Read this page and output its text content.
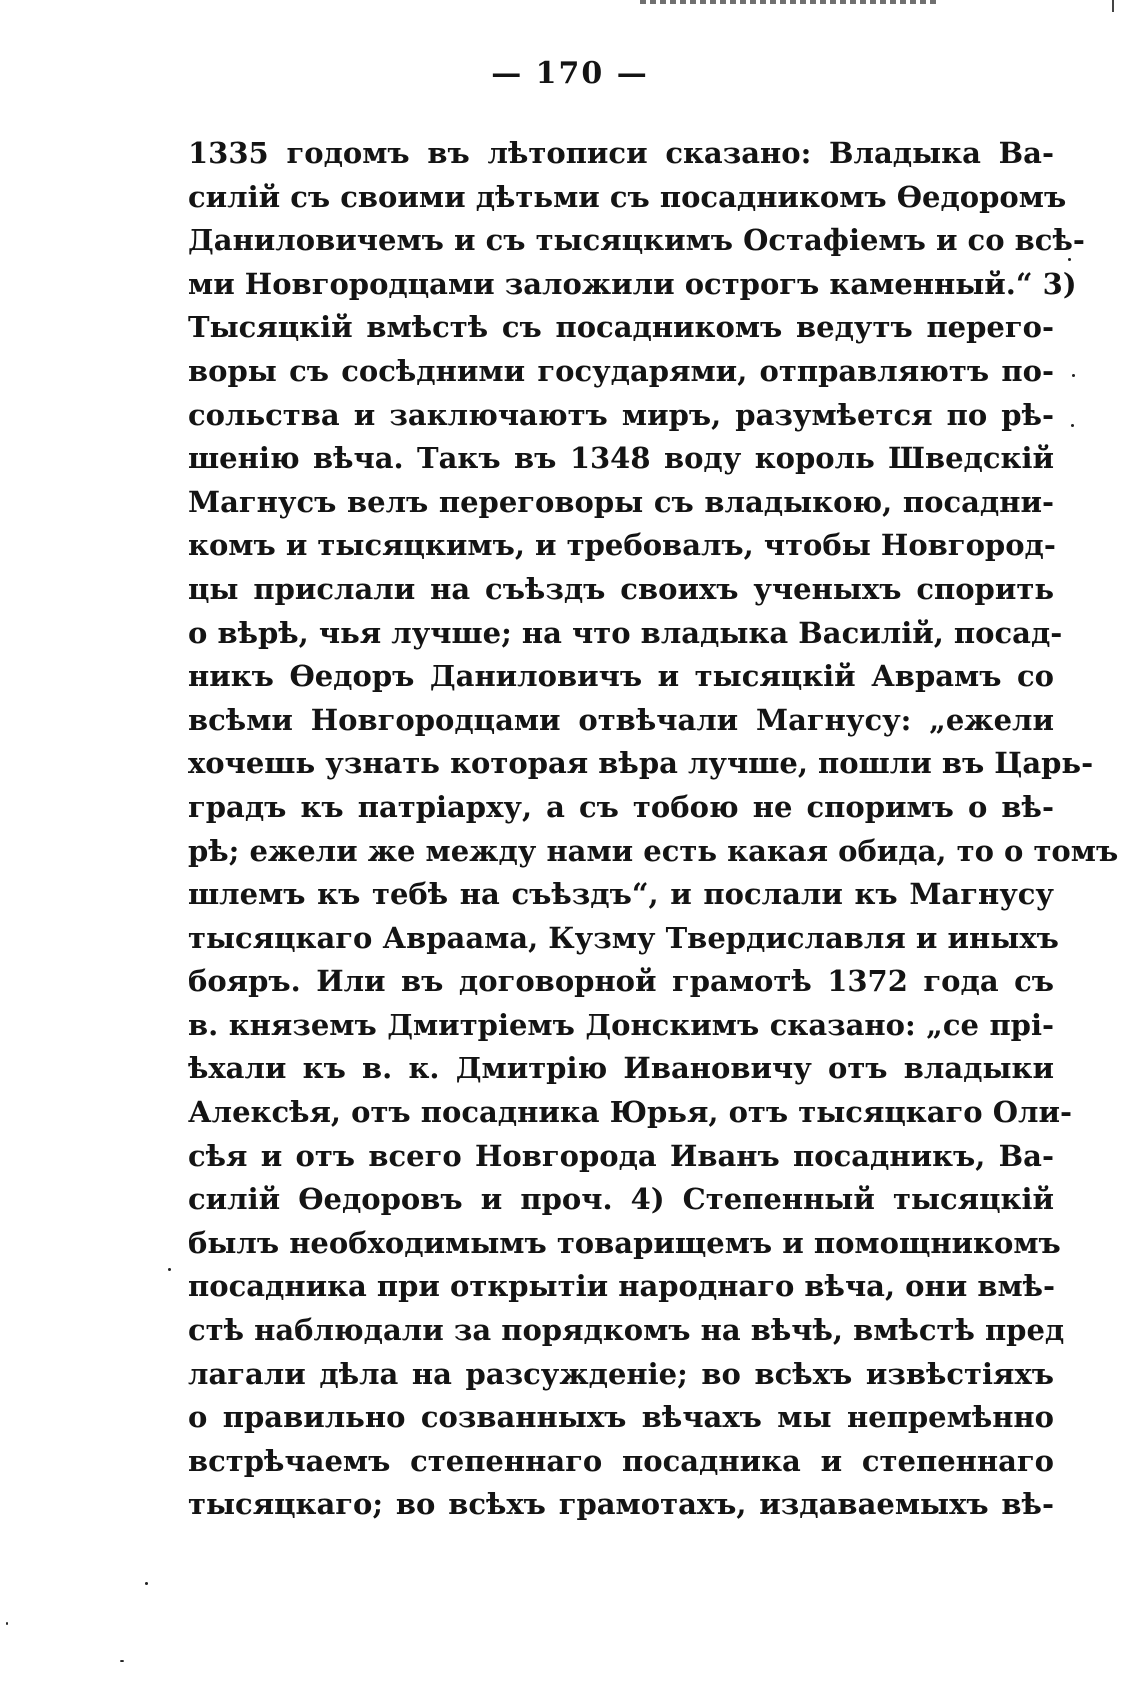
— 170 —
1335 годомъ въ лѣтописи сказано: Владыка Ва-
силій съ своими дѣтьми съ посадникомъ Ѳедоромъ
Даниловичемъ и съ тысяцкимъ Остафіемъ и со всѣ-
ми Новгородцами заложили острогъ каменный.“ 3)
Тысяцкій вмѣстѣ съ посадникомъ ведутъ перего-
воры съ сосѣдними государями, отправляютъ по-
сольства и заключаютъ миръ, разумѣется по рѣ-
шенію вѣча. Такъ въ 1348 воду король Шведскій
Магнусъ велъ переговоры съ владыкою, посадни-
комъ и тысяцкимъ, и требовалъ, чтобы Новгород-
цы прислали на съѣздъ своихъ ученыхъ спорить
о вѣрѣ, чья лучше; на что владыка Василій, посад-
никъ Ѳедоръ Даниловичъ и тысяцкій Аврамъ со
всѣми Новгородцами отвѣчали Магнусу: „ежели
хочешь узнать которая вѣра лучше, пошли въ Царь-
градъ къ патріарху, а съ тобою не споримъ о вѣ-
рѣ; ежели же между нами есть какая обида, то о томъ
шлемъ къ тебѣ на съѣздъ“, и послали къ Магнусу
тысяцкаго Авраама, Кузму Твердиславля и иныхъ
бояръ. Или въ договорной грамотѣ 1372 года съ
в. княземъ Дмитріемъ Донскимъ сказано: „се прі-
ѣхали къ в. к. Дмитрію Ивановичу отъ владыки
Алексѣя, отъ посадника Юрья, отъ тысяцкаго Оли-
сѣя и отъ всего Новгорода Иванъ посадникъ, Ва-
силій Ѳедоровъ и проч. 4) Степенный тысяцкій
былъ необходимымъ товарищемъ и помощникомъ
посадника при открытіи народнаго вѣча, они вмѣ-
стѣ наблюдали за порядкомъ на вѣчѣ, вмѣстѣ пред
лагали дѣла на разсужденіе; во всѣхъ извѣстіяхъ
о правильно созванныхъ вѣчахъ мы непремѣнно
встрѣчаемъ степеннаго посадника и степеннаго
тысяцкаго; во всѣхъ грамотахъ, издаваемыхъ вѣ-
